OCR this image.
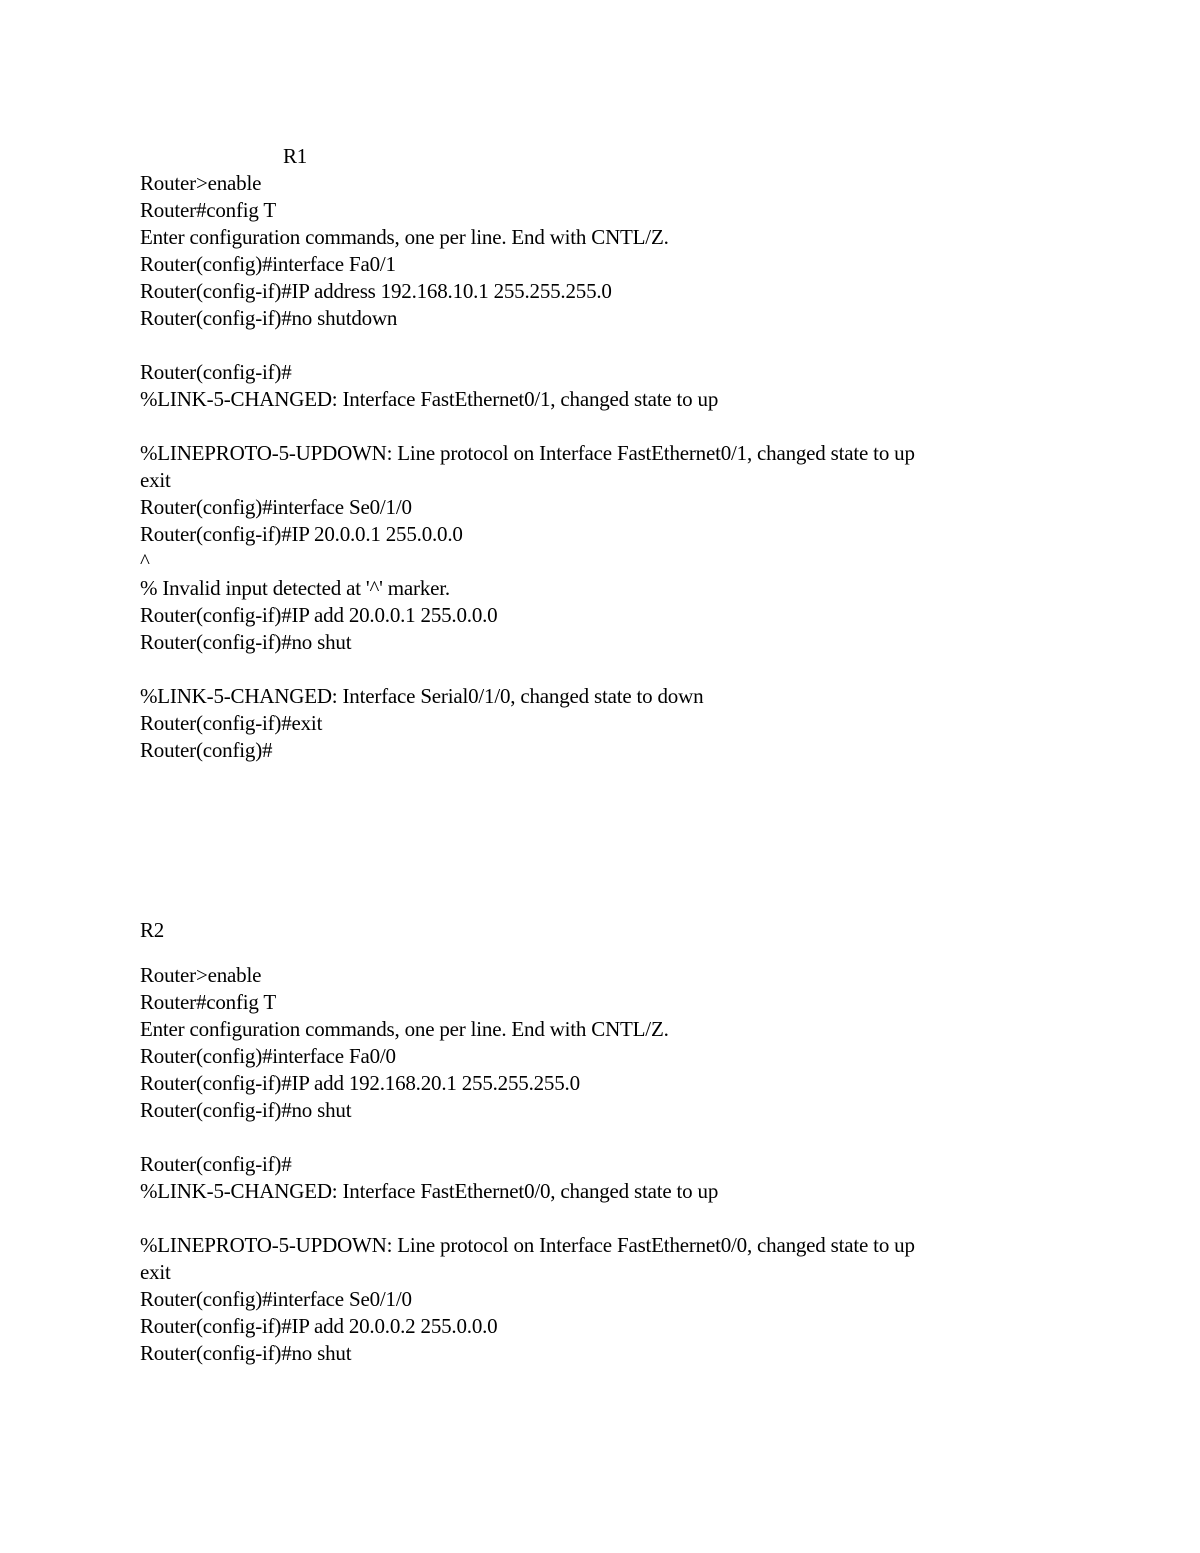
R1
Router>enable
Router#config T
Enter configuration commands, one per line. End with CNTL/Z.
Router(config)#interface Fa0/1
Router(config-if)#IP address 192.168.10.1 255.255.255.0
Router(config-if)#no shutdown
Router(config-if)#
%LINK-5-CHANGED: Interface FastEthernet0/1, changed state to up
%LINEPROTO-5-UPDOWN: Line protocol on Interface FastEthernet0/1, changed state to up
exit
Router(config)#interface Se0/1/0
Router(config-if)#IP 20.0.0.1 255.0.0.0
^
% Invalid input detected at '^' marker.
Router(config-if)#IP add 20.0.0.1 255.0.0.0
Router(config-if)#no shut
%LINK-5-CHANGED: Interface Serial0/1/0, changed state to down
Router(config-if)#exit
Router(config)#
R2
Router>enable
Router#config T
Enter configuration commands, one per line. End with CNTL/Z.
Router(config)#interface Fa0/0
Router(config-if)#IP add 192.168.20.1 255.255.255.0
Router(config-if)#no shut
Router(config-if)#
%LINK-5-CHANGED: Interface FastEthernet0/0, changed state to up
%LINEPROTO-5-UPDOWN: Line protocol on Interface FastEthernet0/0, changed state to up
exit
Router(config)#interface Se0/1/0
Router(config-if)#IP add 20.0.0.2 255.0.0.0
Router(config-if)#no shut
